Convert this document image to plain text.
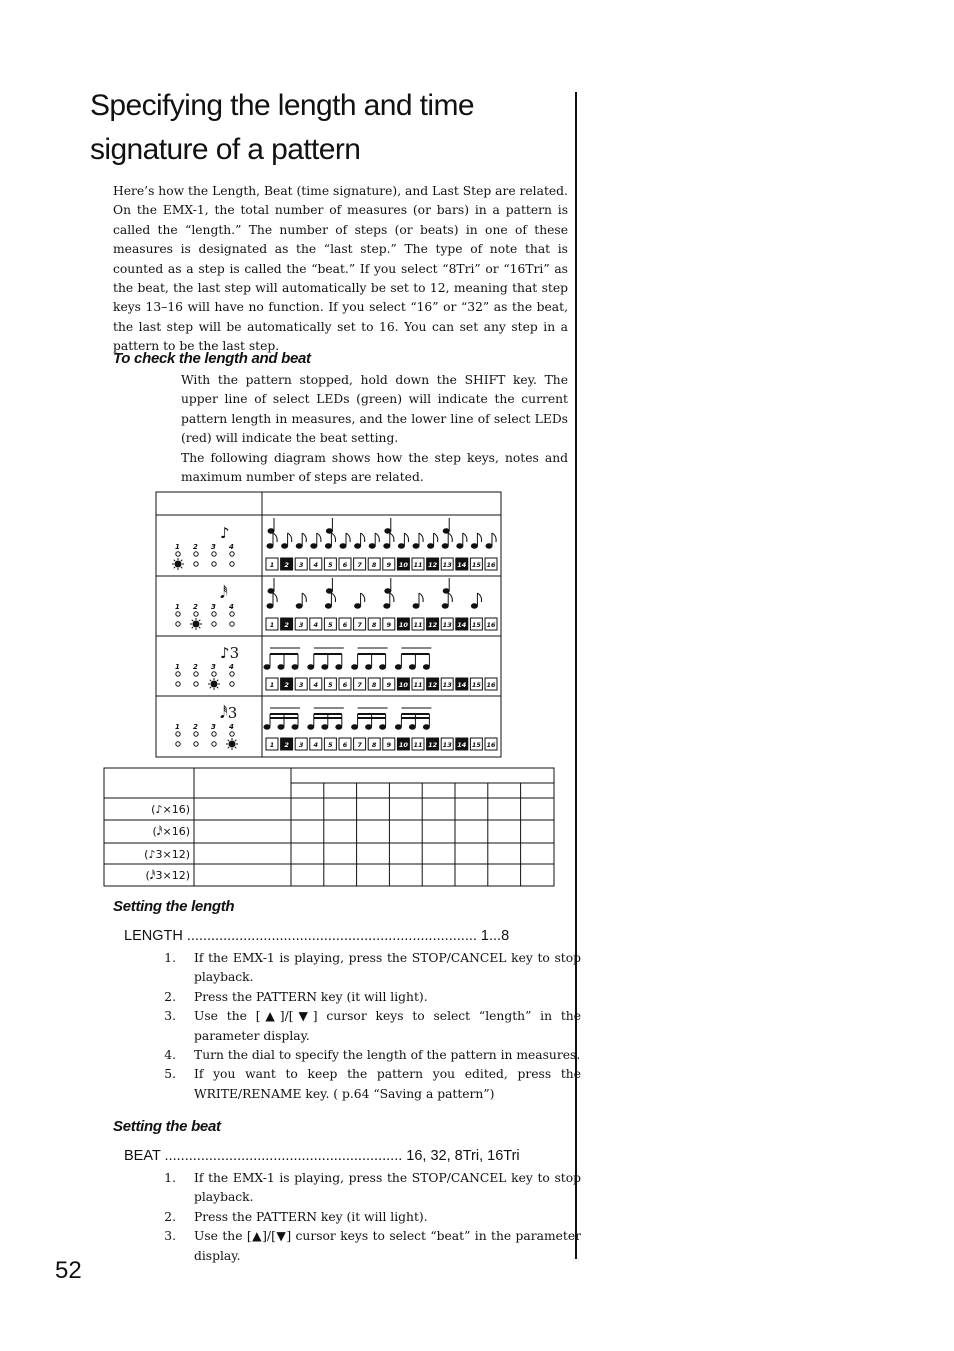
Specifying the length and time signature of a pattern
Here’s how the Length, Beat (time signature), and Last Step are related.
On the EMX-1, the total number of measures (or bars) in a pattern is called the “length.” The number of steps (or beats) in one of these measures is designated as the “last step.” The type of note that is counted as a step is called the “beat.” If you select “8Tri” or “16Tri” as the beat, the last step will automatically be set to 12, meaning that step keys 13–16 will have no function. If you select “16” or “32” as the beat, the last step will be automatically set to 16. You can set any step in a pattern to be the last step.
To check the length and beat
With the pattern stopped, hold down the SHIFT key. The upper line of select LEDs (green) will indicate the current pattern length in measures, and the lower line of select LEDs (red) will indicate the beat setting.
The following diagram shows how the step keys, notes and maximum number of steps are related.
♪
1 2 3 4
1 2 3 4 5 6 7 8 9 10 11 12 13 14 15 16
𝅘𝅥𝅰
1 2 3 4
1 2 3 4 5 6 7 8 9 10 11 12 13 14 15 16
♪3
1 2 3 4
1 2 3 4 5 6 7 8 9 10 11 12 13 14 15 16
𝅘𝅥𝅰3
1 2 3 4
1 2 3 4 5 6 7 8 9 10 11 12 13 14 15 16
(♪×16)
(𝅘𝅥𝅰×16)
(♪3×12)
(𝅘𝅥𝅰3×12)
Setting the length
LENGTH ........................................................................ 1...8
1. If the EMX-1 is playing, press the STOP/CANCEL key to stop playback.
2. Press the PATTERN key (it will light).
3. Use the [▲]/[▼] cursor keys to select “length” in the parameter display.
4. Turn the dial to specify the length of the pattern in measures.
5. If you want to keep the pattern you edited, press the WRITE/RENAME key. ( p.64 “Saving a pattern”)
Setting the beat
BEAT ........................................................... 16, 32, 8Tri, 16Tri
1. If the EMX-1 is playing, press the STOP/CANCEL key to stop playback.
2. Press the PATTERN key (it will light).
3. Use the [▲]/[▼] cursor keys to select “beat” in the parameter display.
52
